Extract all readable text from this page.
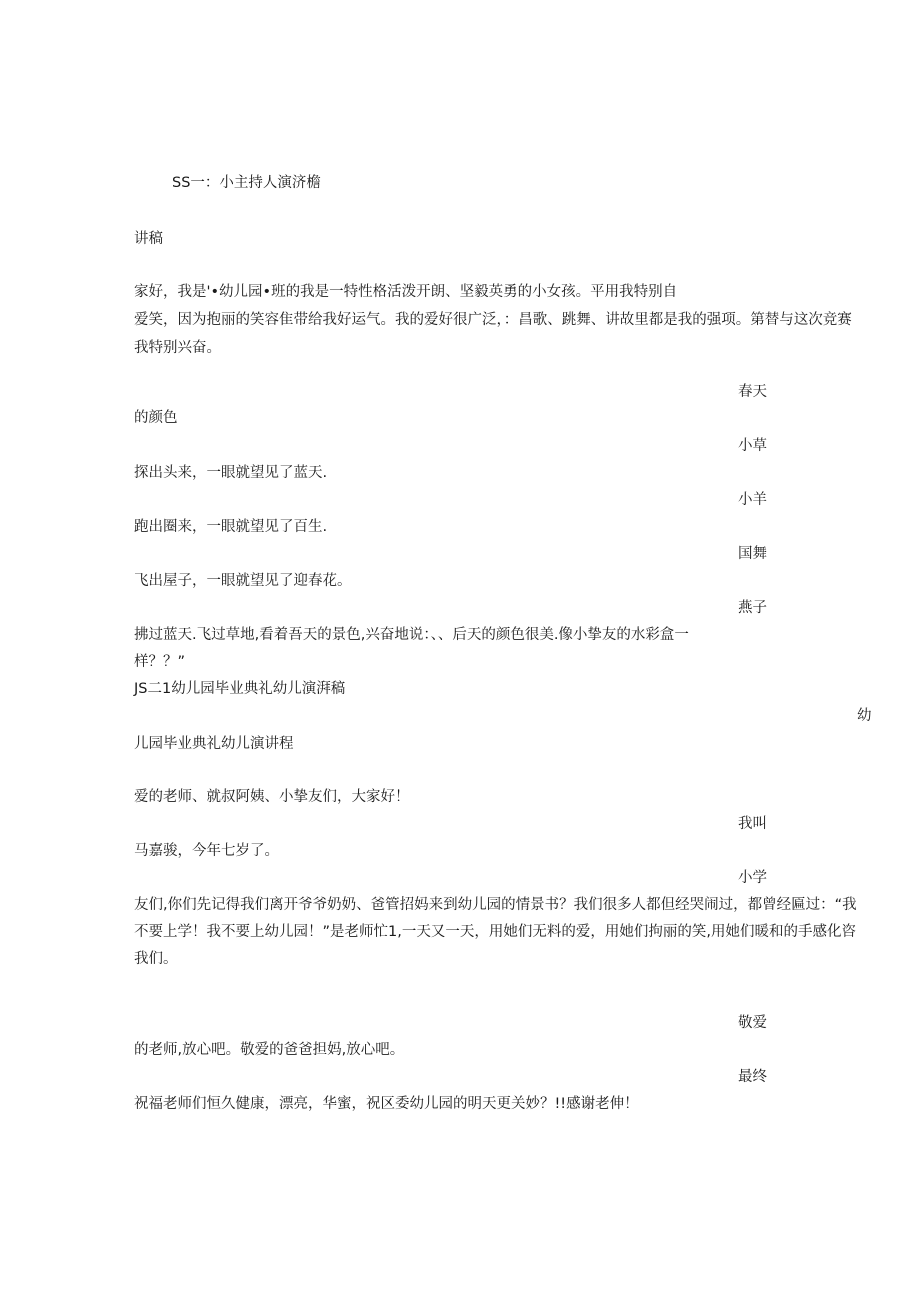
SS一：小主持人演济檐
讲稿
家好，我是'•幼儿园•班的我是一特性格活泼开朗、坚毅英勇的小女孩。平用我特别自
爱笑，因为抱丽的笑容隹带给我好运气。我的爱好很广泛，：昌歌、跳舞、讲故里都是我的强项。第替与这次竞赛
我特别兴奋。
春天
的颜色
小草
探出头来，一眼就望见了蓝天.
小羊
跑出圈来，一眼就望见了百生.
国舞
飞出屋子，一眼就望见了迎春花。
燕子
拂过蓝天.飞过草地,看着吾天的景色,兴奋地说：、、后天的颜色很美.像小挚友的水彩盒一
样？？”
JS二1幼儿园毕业典礼幼儿演湃稿
幼
儿园毕业典礼幼儿演讲程
爱的老师、就叔阿姨、小挚友们，大家好！
我叫
马嘉骏，今年七岁了。
小学
友们,你们先记得我们离开爷爷奶奶、爸管招妈来到幼儿园的情景书？我们很多人都但经哭闹过，都曾经匾过：“我
不要上学！我不要上幼儿园！”是老师忙1,一天又一天，用她们无料的爱，用她们拘丽的笑,用她们暖和的手感化咨
我们。
敬爱
的老师,放心吧。敬爱的爸爸担妈,放心吧。
最终
祝福老师们恒久健康，漂亮，华蜜，祝区委幼儿园的明天更关妙？!!感谢老伸！
